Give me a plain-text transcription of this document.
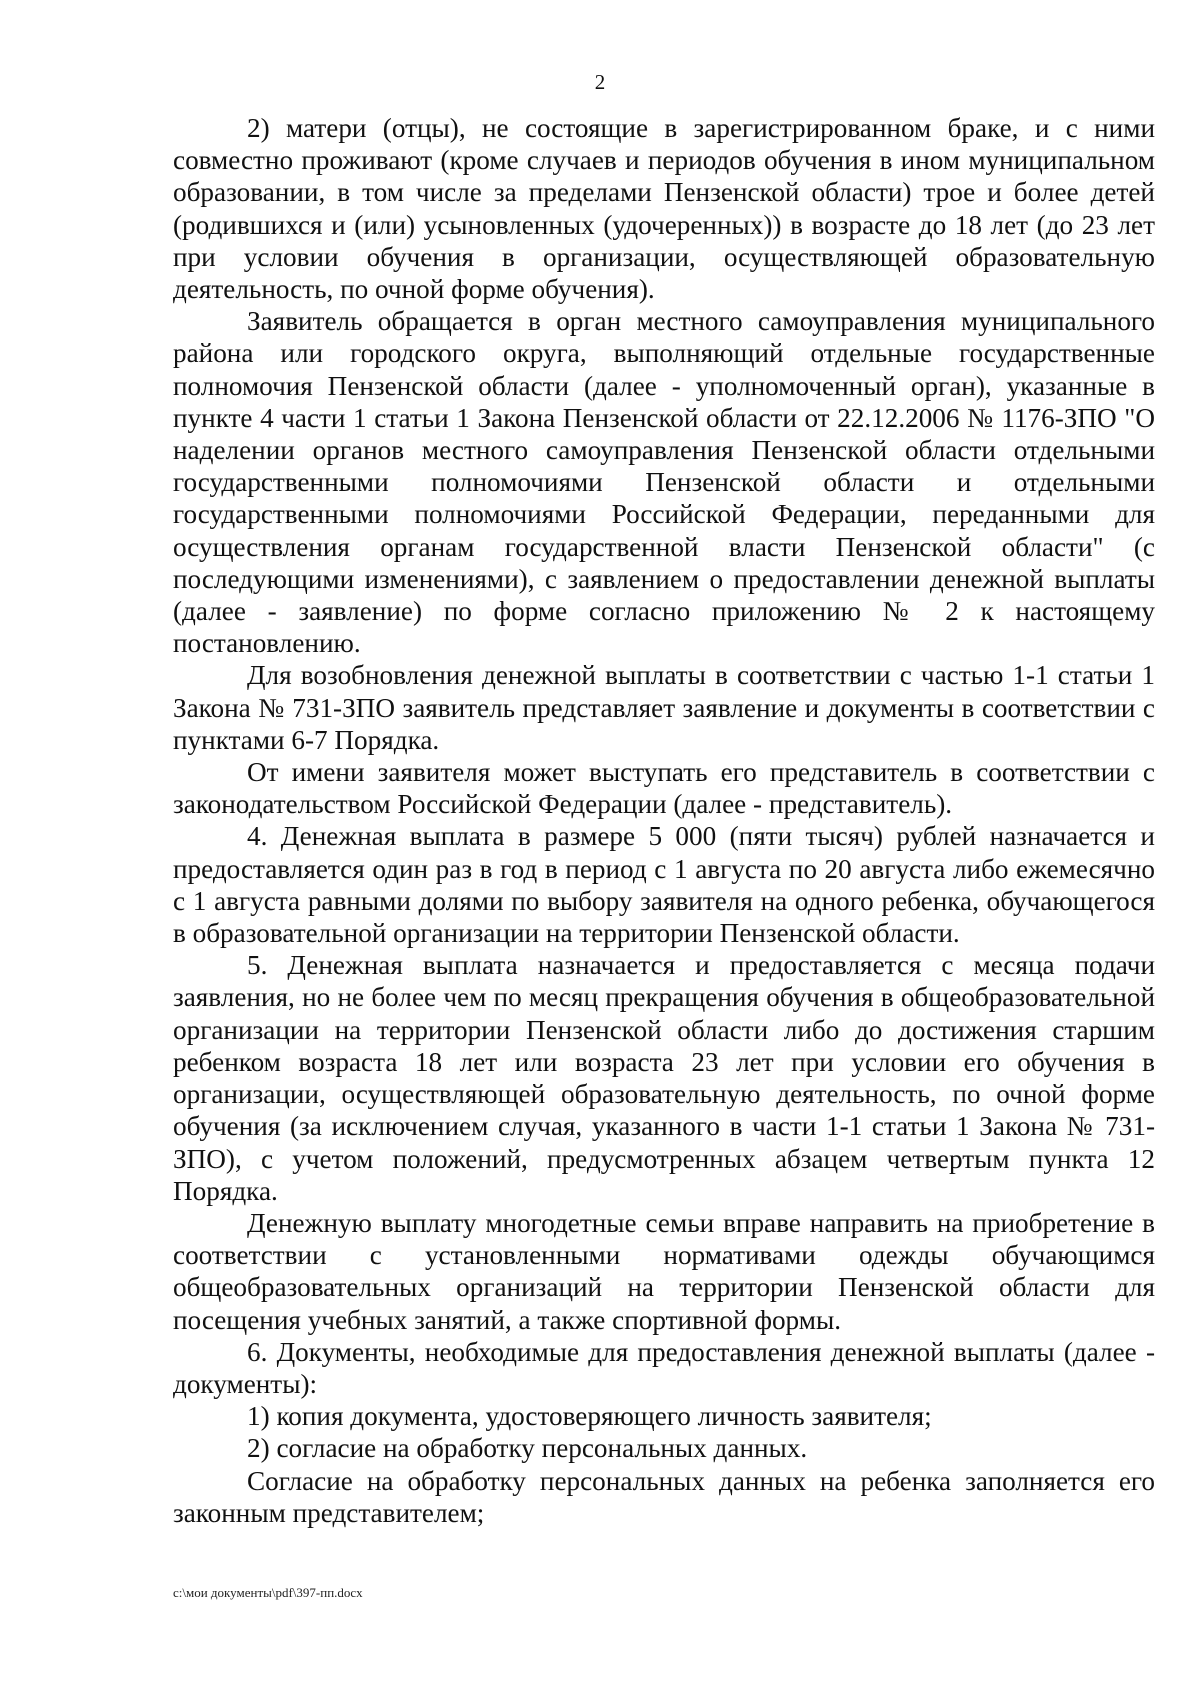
2

2) матери (отцы), не состоящие в зарегистрированном браке, и с ними совместно проживают (кроме случаев и периодов обучения в ином муниципальном образовании, в том числе за пределами Пензенской области) трое и более детей (родившихся и (или) усыновленных (удочеренных)) в возрасте до 18 лет (до 23 лет при условии обучения в организации, осуществляющей образовательную деятельность, по очной форме обучения).

Заявитель обращается в орган местного самоуправления муниципального района или городского округа, выполняющий отдельные государственные полномочия Пензенской области (далее - уполномоченный орган), указанные в пункте 4 части 1 статьи 1 Закона Пензенской области от 22.12.2006 № 1176-ЗПО "О наделении органов местного самоуправления Пензенской области отдельными государственными полномочиями Пензенской области и отдельными государственными полномочиями Российской Федерации, переданными для осуществления органам государственной власти Пензенской области" (с последующими изменениями), с заявлением о предоставлении денежной выплаты (далее - заявление) по форме согласно приложению № 2 к настоящему постановлению.

Для возобновления денежной выплаты в соответствии с частью 1-1 статьи 1 Закона № 731-ЗПО заявитель представляет заявление и документы в соответствии с пунктами 6-7 Порядка.

От имени заявителя может выступать его представитель в соответствии с законодательством Российской Федерации (далее - представитель).

4. Денежная выплата в размере 5 000 (пяти тысяч) рублей назначается и предоставляется один раз в год в период с 1 августа по 20 августа либо ежемесячно с 1 августа равными долями по выбору заявителя на одного ребенка, обучающегося в образовательной организации на территории Пензенской области.

5. Денежная выплата назначается и предоставляется с месяца подачи заявления, но не более чем по месяц прекращения обучения в общеобразовательной организации на территории Пензенской области либо до достижения старшим ребенком возраста 18 лет или возраста 23 лет при условии его обучения в организации, осуществляющей образовательную деятельность, по очной форме обучения (за исключением случая, указанного в части 1-1 статьи 1 Закона № 731-ЗПО), с учетом положений, предусмотренных абзацем четвертым пункта 12 Порядка.

Денежную выплату многодетные семьи вправе направить на приобретение в соответствии с установленными нормативами одежды обучающимся общеобразовательных организаций на территории Пензенской области для посещения учебных занятий, а также спортивной формы.

6. Документы, необходимые для предоставления денежной выплаты (далее - документы):

1) копия документа, удостоверяющего личность заявителя;

2) согласие на обработку персональных данных.

Согласие на обработку персональных данных на ребенка заполняется его законным представителем;

c:\мои документы\pdf\397-пп.docx
